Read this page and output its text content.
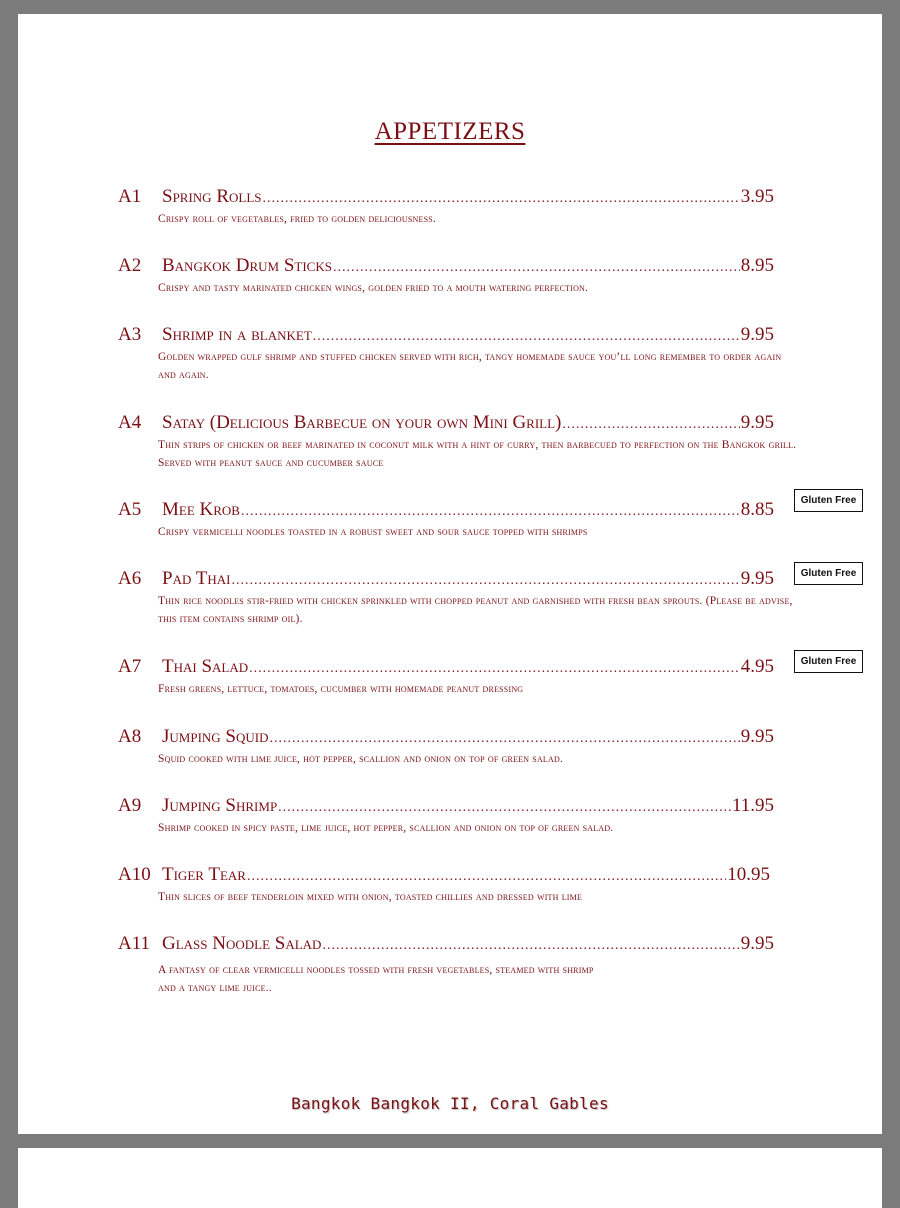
APPETIZERS
A1 Spring Rolls .....	3.95
Crispy roll of vegetables, fried to golden deliciousness.
A2 Bangkok Drum Sticks .....	8.95
Crispy and tasty marinated chicken wings, golden fried to a mouth watering perfection.
A3 Shrimp in a blanket .....	9.95
Golden wrapped gulf shrimp and stuffed chicken served with rich, tangy homemade sauce you’ll long remember to order again and again.
A4 Satay (Delicious Barbecue on your own Mini Grill) .....	9.95
Thin strips of chicken or beef marinated in coconut milk with a hint of curry, then barbecued to perfection on the Bangkok grill. Served with peanut sauce and cucumber sauce
A5 Mee Krob .....	8.85
Crispy vermicelli noodles toasted in a robust sweet and sour sauce topped with shrimps
Gluten Free
A6 Pad Thai .....	9.95
Thin rice noodles stir-fried with chicken sprinkled with chopped peanut and garnished with fresh bean sprouts. (Please be advise, this item contains shrimp oil).
Gluten Free
A7 Thai Salad .....	4.95
Fresh greens, lettuce, tomatoes, cucumber with homemade peanut dressing
Gluten Free
A8 Jumping Squid .....	9.95
Squid cooked with lime juice, hot pepper, scallion and onion on top of green salad.
A9 Jumping Shrimp .....	11.95
Shrimp cooked in spicy paste, lime juice, hot pepper, scallion and onion on top of green salad.
A10 Tiger Tear .....	10.95
Thin slices of beef tenderloin mixed with onion, toasted chillies and dressed with lime
A11 Glass Noodle Salad .....	9.95
A fantasy of clear vermicelli noodles tossed with fresh vegetables, steamed with shrimp and a tangy lime juice..
Bangkok Bangkok II, Coral Gables
